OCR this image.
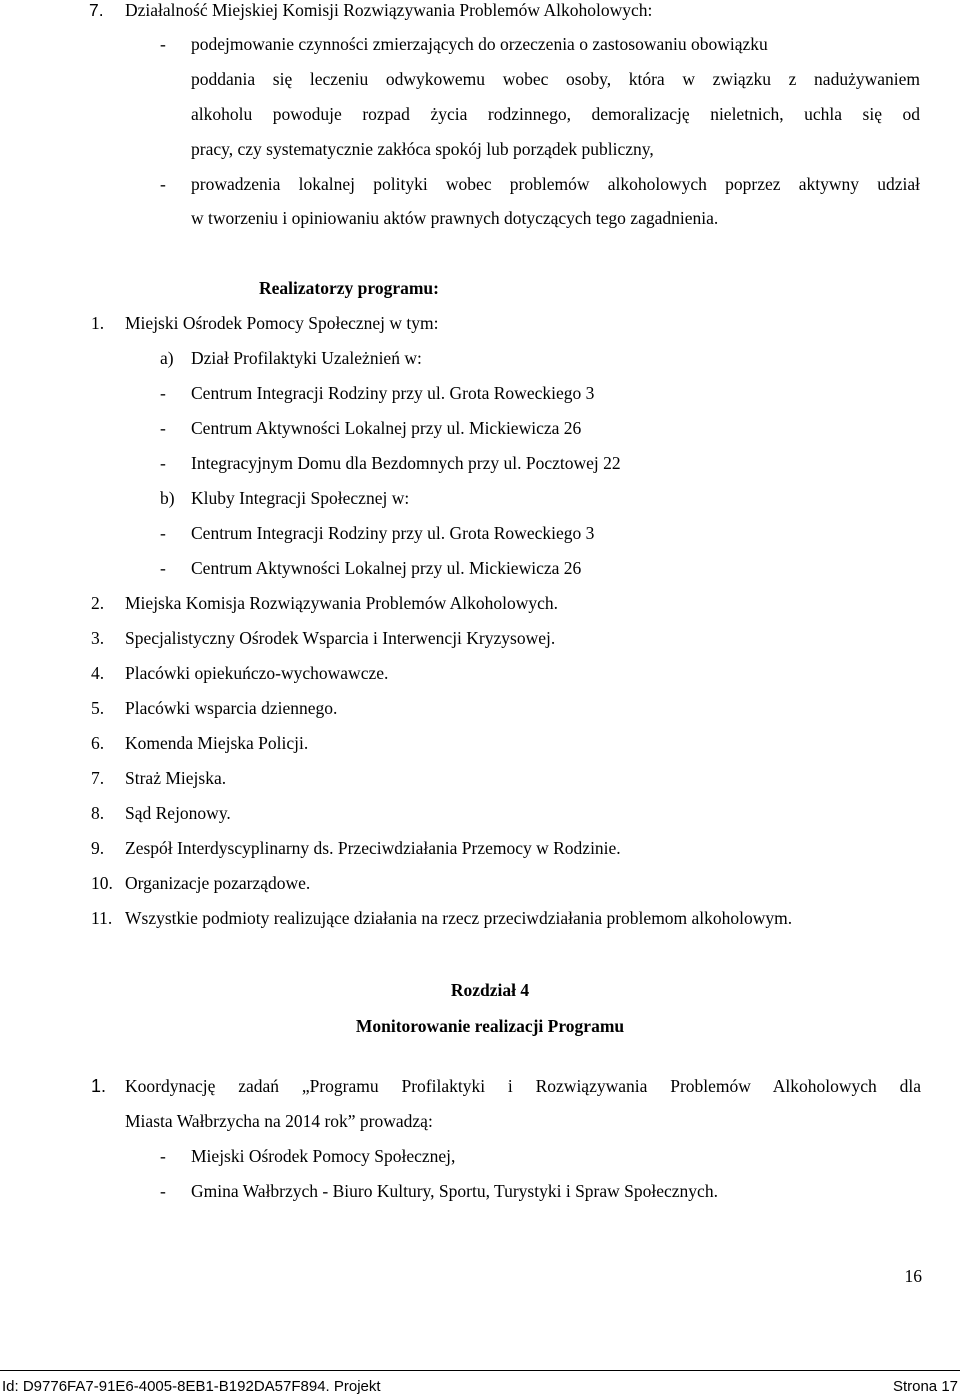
7. Działalność Miejskiej Komisji Rozwiązywania Problemów Alkoholowych:
- podejmowanie czynności zmierzających do orzeczenia o zastosowaniu obowiązku
poddania się leczeniu odwykowemu wobec osoby, która w związku z nadużywaniem
alkoholu powoduje rozpad życia rodzinnego, demoralizację nieletnich, uchla się od
pracy, czy systematycznie zakłóca spokój lub porządek publiczny,
- prowadzenia lokalnej polityki wobec problemów alkoholowych poprzez aktywny udział
w tworzeniu i opiniowaniu aktów prawnych dotyczących tego zagadnienia.
Realizatorzy programu:
1. Miejski Ośrodek Pomocy Społecznej w tym:
a) Dział Profilaktyki Uzależnień w:
- Centrum Integracji Rodziny przy ul. Grota Roweckiego 3
- Centrum Aktywności Lokalnej przy ul. Mickiewicza 26
- Integracyjnym Domu dla Bezdomnych przy ul. Pocztowej 22
b) Kluby Integracji Społecznej w:
- Centrum Integracji Rodziny przy ul. Grota Roweckiego 3
- Centrum Aktywności Lokalnej przy ul. Mickiewicza 26
2. Miejska Komisja Rozwiązywania Problemów Alkoholowych.
3. Specjalistyczny Ośrodek Wsparcia i Interwencji Kryzysowej.
4. Placówki opiekuńczo-wychowawcze.
5. Placówki wsparcia dziennego.
6. Komenda Miejska Policji.
7. Straż Miejska.
8. Sąd Rejonowy.
9. Zespół Interdyscyplinarny ds. Przeciwdziałania Przemocy w Rodzinie.
10. Organizacje pozarządowe.
11. Wszystkie podmioty realizujące działania na rzecz przeciwdziałania problemom alkoholowym.
Rozdział 4
Monitorowanie realizacji Programu
1. Koordynację zadań „Programu Profilaktyki i Rozwiązywania Problemów Alkoholowych dla
Miasta Wałbrzycha na 2014 rok” prowadzą:
- Miejski Ośrodek Pomocy Społecznej,
- Gmina Wałbrzych - Biuro Kultury, Sportu, Turystyki i Spraw Społecznych.
16
Id: D9776FA7-91E6-4005-8EB1-B192DA57F894. Projekt	Strona 17
